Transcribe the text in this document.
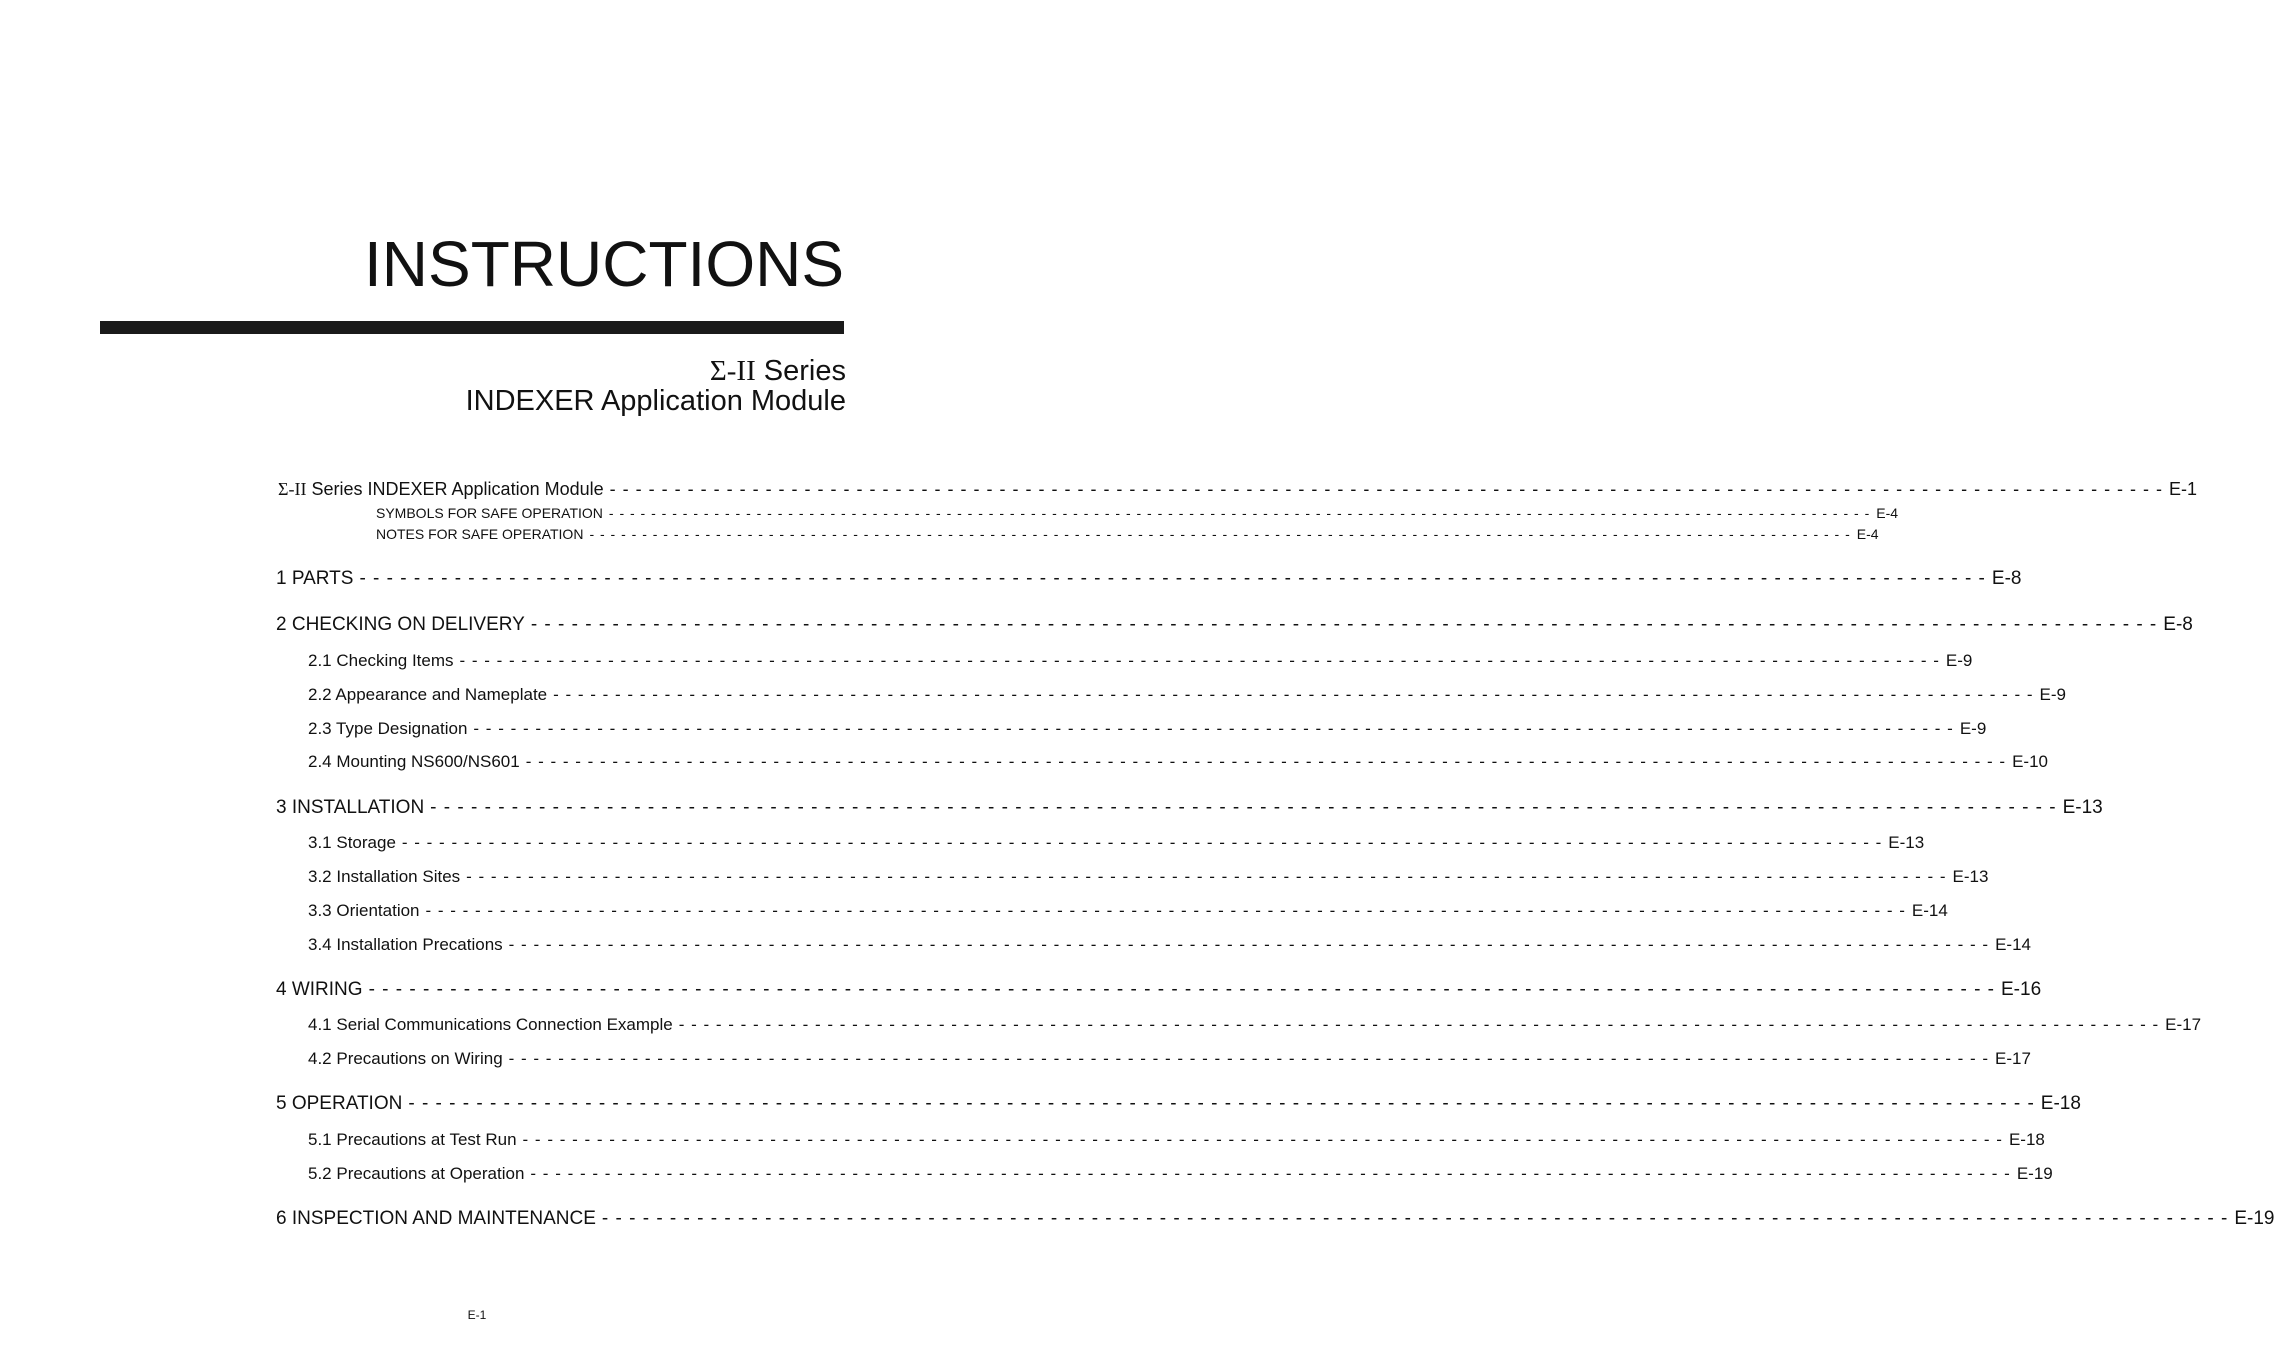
INSTRUCTIONS
Σ-II Series
INDEXER Application Module
Σ-II Series INDEXER Application Module - - - - - - - - - - - - - - - - - - - - - - - - - - - - - - - - - - - - - - - - - - - - - - - - - - - - - - - - - - - - - - - - - - - - - - - - - - - - - - - - - - - - - - - - - - - - - - - - - - - - - - - - - - - - - - - - - - - - - - - - E-1
SYMBOLS FOR SAFE OPERATION - - - - - - - - - - - - - - - - - - - - - - - - - - - - - - - - - - - - - - - - - - - - - - - - - - - - - - - - - - - - - - - - - - - - - - - - - - - - - - - - - - - - - - - - - - - - - - - - - - - - - - - - - - - - - - - - - - - - - - - - E-4
NOTES FOR SAFE OPERATION - - - - - - - - - - - - - - - - - - - - - - - - - - - - - - - - - - - - - - - - - - - - - - - - - - - - - - - - - - - - - - - - - - - - - - - - - - - - - - - - - - - - - - - - - - - - - - - - - - - - - - - - - - - - - - - - - - - - - - - - E-4
1 PARTS - - - - - - - - - - - - - - - - - - - - - - - - - - - - - - - - - - - - - - - - - - - - - - - - - - - - - - - - - - - - - - - - - - - - - - - - - - - - - - - - - - - - - - - - - - - - - - - - - - - - - - - - - - - - - - - - - - - - - - - - E-8
2 CHECKING ON DELIVERY - - - - - - - - - - - - - - - - - - - - - - - - - - - - - - - - - - - - - - - - - - - - - - - - - - - - - - - - - - - - - - - - - - - - - - - - - - - - - - - - - - - - - - - - - - - - - - - - - - - - - - - - - - - - - - - - - - - - - - - - E-8
2.1 Checking Items - - - - - - - - - - - - - - - - - - - - - - - - - - - - - - - - - - - - - - - - - - - - - - - - - - - - - - - - - - - - - - - - - - - - - - - - - - - - - - - - - - - - - - - - - - - - - - - - - - - - - - - - - - - - - - - - - - - - - - - - E-9
2.2 Appearance and Nameplate - - - - - - - - - - - - - - - - - - - - - - - - - - - - - - - - - - - - - - - - - - - - - - - - - - - - - - - - - - - - - - - - - - - - - - - - - - - - - - - - - - - - - - - - - - - - - - - - - - - - - - - - - - - - - - - - - - - - - - - - E-9
2.3 Type Designation - - - - - - - - - - - - - - - - - - - - - - - - - - - - - - - - - - - - - - - - - - - - - - - - - - - - - - - - - - - - - - - - - - - - - - - - - - - - - - - - - - - - - - - - - - - - - - - - - - - - - - - - - - - - - - - - - - - - - - - - E-9
2.4 Mounting NS600/NS601 - - - - - - - - - - - - - - - - - - - - - - - - - - - - - - - - - - - - - - - - - - - - - - - - - - - - - - - - - - - - - - - - - - - - - - - - - - - - - - - - - - - - - - - - - - - - - - - - - - - - - - - - - - - - - - - - - - - - - - - - E-10
3 INSTALLATION - - - - - - - - - - - - - - - - - - - - - - - - - - - - - - - - - - - - - - - - - - - - - - - - - - - - - - - - - - - - - - - - - - - - - - - - - - - - - - - - - - - - - - - - - - - - - - - - - - - - - - - - - - - - - - - - - - - - - - - - E-13
3.1 Storage - - - - - - - - - - - - - - - - - - - - - - - - - - - - - - - - - - - - - - - - - - - - - - - - - - - - - - - - - - - - - - - - - - - - - - - - - - - - - - - - - - - - - - - - - - - - - - - - - - - - - - - - - - - - - - - - - - - - - - - - E-13
3.2 Installation Sites - - - - - - - - - - - - - - - - - - - - - - - - - - - - - - - - - - - - - - - - - - - - - - - - - - - - - - - - - - - - - - - - - - - - - - - - - - - - - - - - - - - - - - - - - - - - - - - - - - - - - - - - - - - - - - - - - - - - - - - - E-13
3.3 Orientation - - - - - - - - - - - - - - - - - - - - - - - - - - - - - - - - - - - - - - - - - - - - - - - - - - - - - - - - - - - - - - - - - - - - - - - - - - - - - - - - - - - - - - - - - - - - - - - - - - - - - - - - - - - - - - - - - - - - - - - - E-14
3.4 Installation Precations - - - - - - - - - - - - - - - - - - - - - - - - - - - - - - - - - - - - - - - - - - - - - - - - - - - - - - - - - - - - - - - - - - - - - - - - - - - - - - - - - - - - - - - - - - - - - - - - - - - - - - - - - - - - - - - - - - - - - - - - E-14
4 WIRING - - - - - - - - - - - - - - - - - - - - - - - - - - - - - - - - - - - - - - - - - - - - - - - - - - - - - - - - - - - - - - - - - - - - - - - - - - - - - - - - - - - - - - - - - - - - - - - - - - - - - - - - - - - - - - - - - - - - - - - - E-16
4.1 Serial Communications Connection Example - - - - - - - - - - - - - - - - - - - - - - - - - - - - - - - - - - - - - - - - - - - - - - - - - - - - - - - - - - - - - - - - - - - - - - - - - - - - - - - - - - - - - - - - - - - - - - - - - - - - - - - - - - - - - - - - - - - - - - - - E-17
4.2 Precautions on Wiring - - - - - - - - - - - - - - - - - - - - - - - - - - - - - - - - - - - - - - - - - - - - - - - - - - - - - - - - - - - - - - - - - - - - - - - - - - - - - - - - - - - - - - - - - - - - - - - - - - - - - - - - - - - - - - - - - - - - - - - - E-17
5 OPERATION - - - - - - - - - - - - - - - - - - - - - - - - - - - - - - - - - - - - - - - - - - - - - - - - - - - - - - - - - - - - - - - - - - - - - - - - - - - - - - - - - - - - - - - - - - - - - - - - - - - - - - - - - - - - - - - - - - - - - - - - E-18
5.1 Precautions at Test Run - - - - - - - - - - - - - - - - - - - - - - - - - - - - - - - - - - - - - - - - - - - - - - - - - - - - - - - - - - - - - - - - - - - - - - - - - - - - - - - - - - - - - - - - - - - - - - - - - - - - - - - - - - - - - - - - - - - - - - - - E-18
5.2 Precautions at Operation - - - - - - - - - - - - - - - - - - - - - - - - - - - - - - - - - - - - - - - - - - - - - - - - - - - - - - - - - - - - - - - - - - - - - - - - - - - - - - - - - - - - - - - - - - - - - - - - - - - - - - - - - - - - - - - - - - - - - - - - E-19
6 INSPECTION AND MAINTENANCE - - - - - - - - - - - - - - - - - - - - - - - - - - - - - - - - - - - - - - - - - - - - - - - - - - - - - - - - - - - - - - - - - - - - - - - - - - - - - - - - - - - - - - - - - - - - - - - - - - - - - - - - - - - - - - - - - - - - - - - - E-19
E-1
